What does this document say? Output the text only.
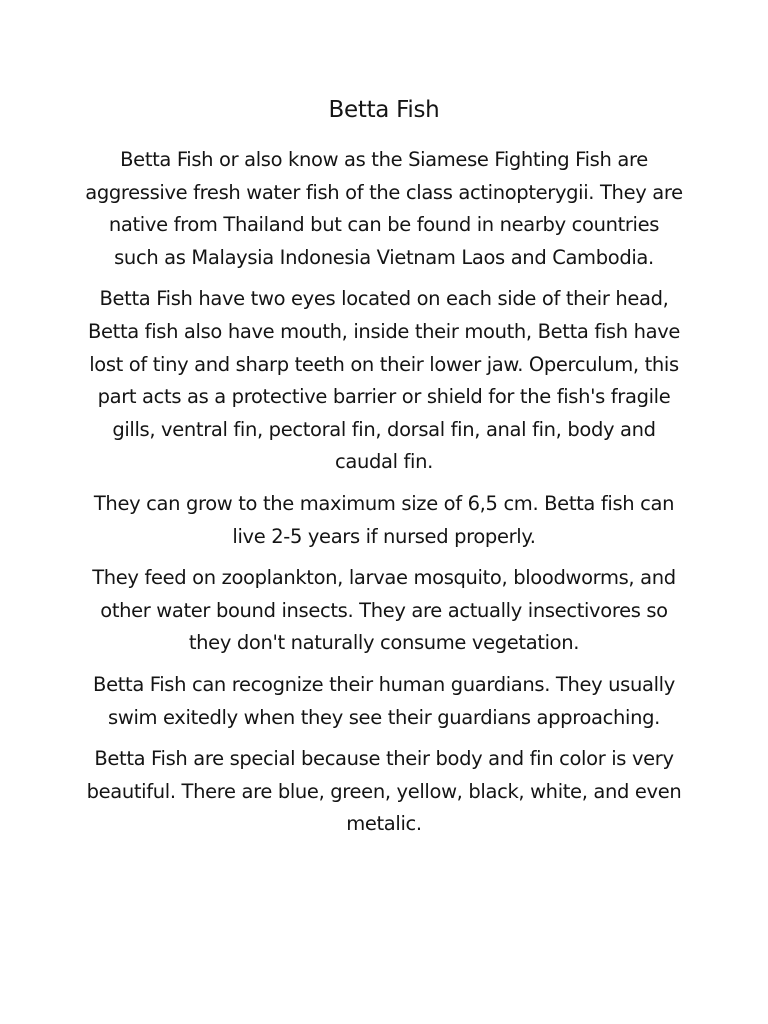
Betta Fish

Betta Fish or also know as the Siamese Fighting Fish are aggressive fresh water fish of the class actinopterygii. They are native from Thailand but can be found in nearby countries such as Malaysia Indonesia Vietnam Laos and Cambodia.

Betta Fish have two eyes located on each side of their head, Betta fish also have mouth, inside their mouth, Betta fish have lost of tiny and sharp teeth on their lower jaw. Operculum, this part acts as a protective barrier or shield for the fish's fragile gills, ventral fin, pectoral fin, dorsal fin, anal fin, body and caudal fin.

They can grow to the maximum size of 6,5 cm. Betta fish can live 2-5 years if nursed properly.

They feed on zooplankton, larvae mosquito, bloodworms, and other water bound insects. They are actually insectivores so they don't naturally consume vegetation.

Betta Fish can recognize their human guardians. They usually swim exitedly when they see their guardians approaching.

Betta Fish are special because their body and fin color is very beautiful. There are blue, green, yellow, black, white, and even metalic.
